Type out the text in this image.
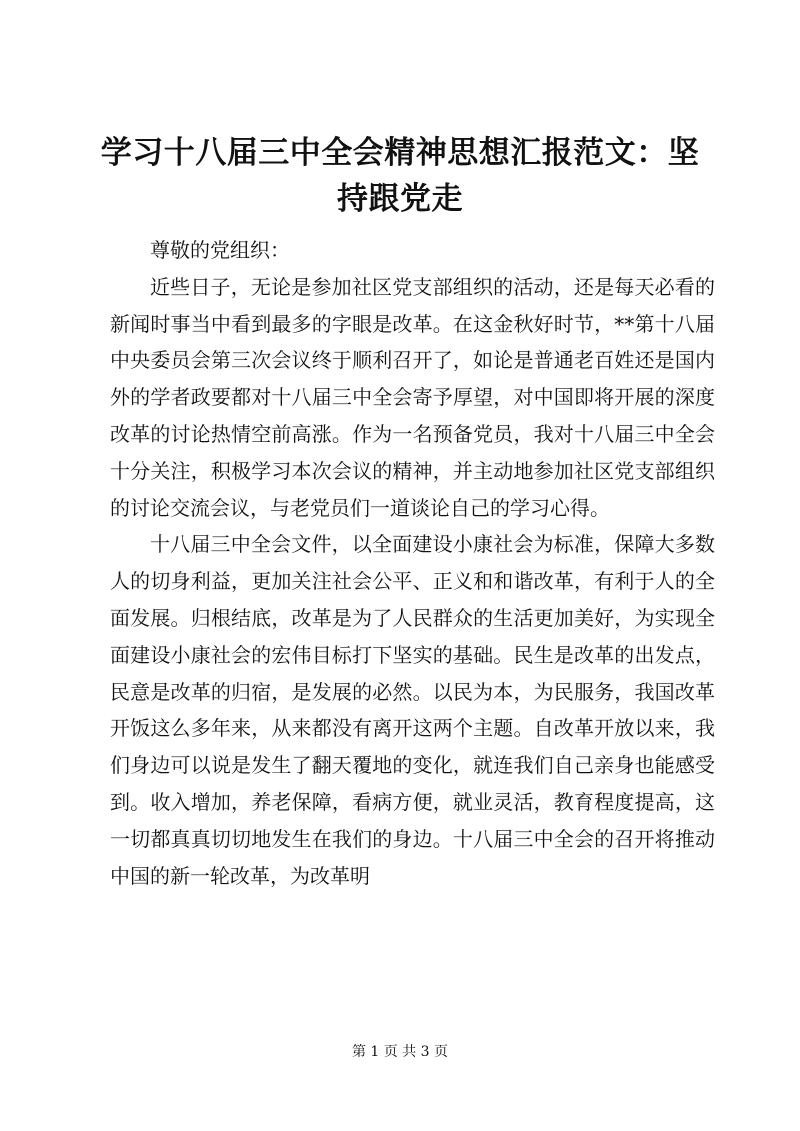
学习十八届三中全会精神思想汇报范文：坚持跟党走

尊敬的党组织：

近些日子，无论是参加社区党支部组织的活动，还是每天必看的新闻时事当中看到最多的字眼是改革。在这金秋好时节，**第十八届中央委员会第三次会议终于顺利召开了，如论是普通老百姓还是国内外的学者政要都对十八届三中全会寄予厚望，对中国即将开展的深度改革的讨论热情空前高涨。作为一名预备党员，我对十八届三中全会十分关注，积极学习本次会议的精神，并主动地参加社区党支部组织的讨论交流会议，与老党员们一道谈论自己的学习心得。

十八届三中全会文件，以全面建设小康社会为标准，保障大多数人的切身利益，更加关注社会公平、正义和和谐改革，有利于人的全面发展。归根结底，改革是为了人民群众的生活更加美好，为实现全面建设小康社会的宏伟目标打下坚实的基础。民生是改革的出发点，民意是改革的归宿，是发展的必然。以民为本，为民服务，我国改革开饭这么多年来，从来都没有离开这两个主题。自改革开放以来，我们身边可以说是发生了翻天覆地的变化，就连我们自己亲身也能感受到。收入增加，养老保障，看病方便，就业灵活，教育程度提高，这一切都真真切切地发生在我们的身边。十八届三中全会的召开将推动中国的新一轮改革，为改革明

第 1 页 共 3 页
